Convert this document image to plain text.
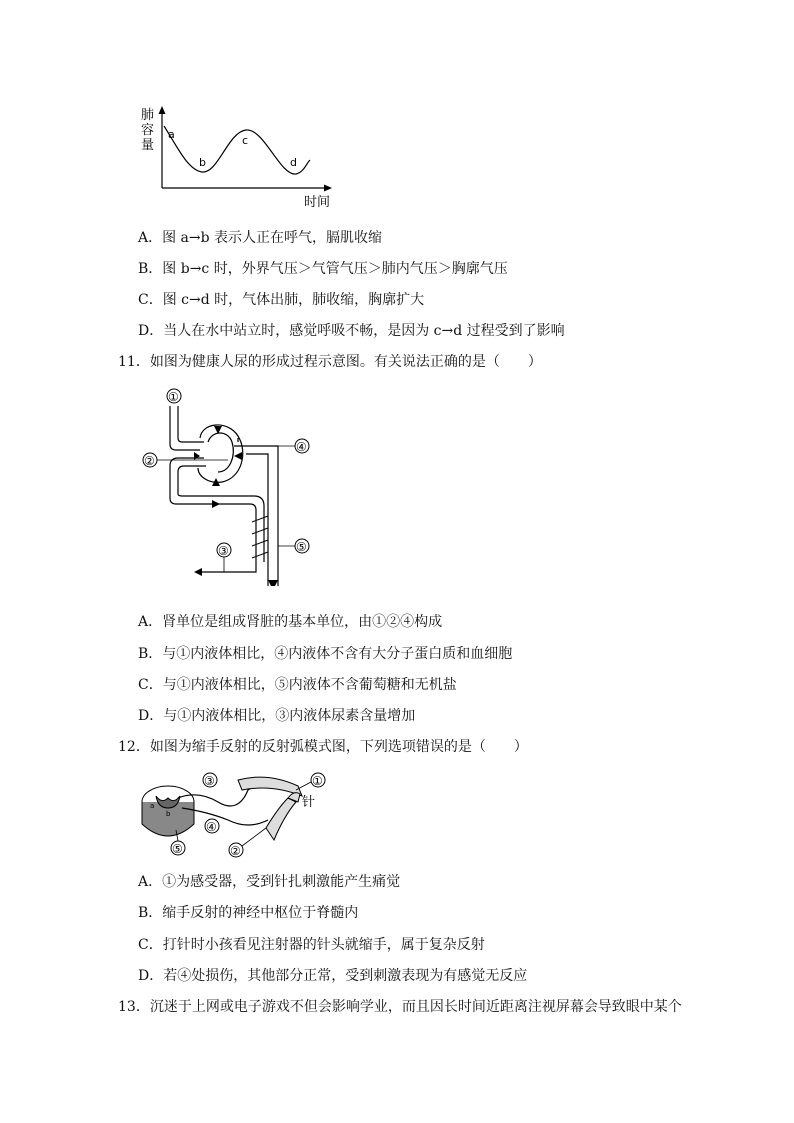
肺
容
量
a
b
c
d
时间
A．图 a→b 表示人正在呼气，膈肌收缩
B．图 b→c 时，外界气压＞气管气压＞肺内气压＞胸廓气压
C．图 c→d 时，气体出肺，肺收缩，胸廓扩大
D．当人在水中站立时，感觉呼吸不畅，是因为 c→d 过程受到了影响
11．如图为健康人尿的形成过程示意图。有关说法正确的是（　　）
①
②
③
④
⑤
A．肾单位是组成肾脏的基本单位，由①②④构成
B．与①内液体相比，④内液体不含有大分子蛋白质和血细胞
C．与①内液体相比，⑤内液体不含葡萄糖和无机盐
D．与①内液体相比，③内液体尿素含量增加
12．如图为缩手反射的反射弧模式图，下列选项错误的是（　　）
a
b
③	①
针
④
②
⑤
A．①为感受器，受到针扎刺激能产生痛觉
B．缩手反射的神经中枢位于脊髓内
C．打针时小孩看见注射器的针头就缩手，属于复杂反射
D．若④处损伤，其他部分正常，受到刺激表现为有感觉无反应
13．沉迷于上网或电子游戏不但会影响学业，而且因长时间近距离注视屏幕会导致眼中某个
